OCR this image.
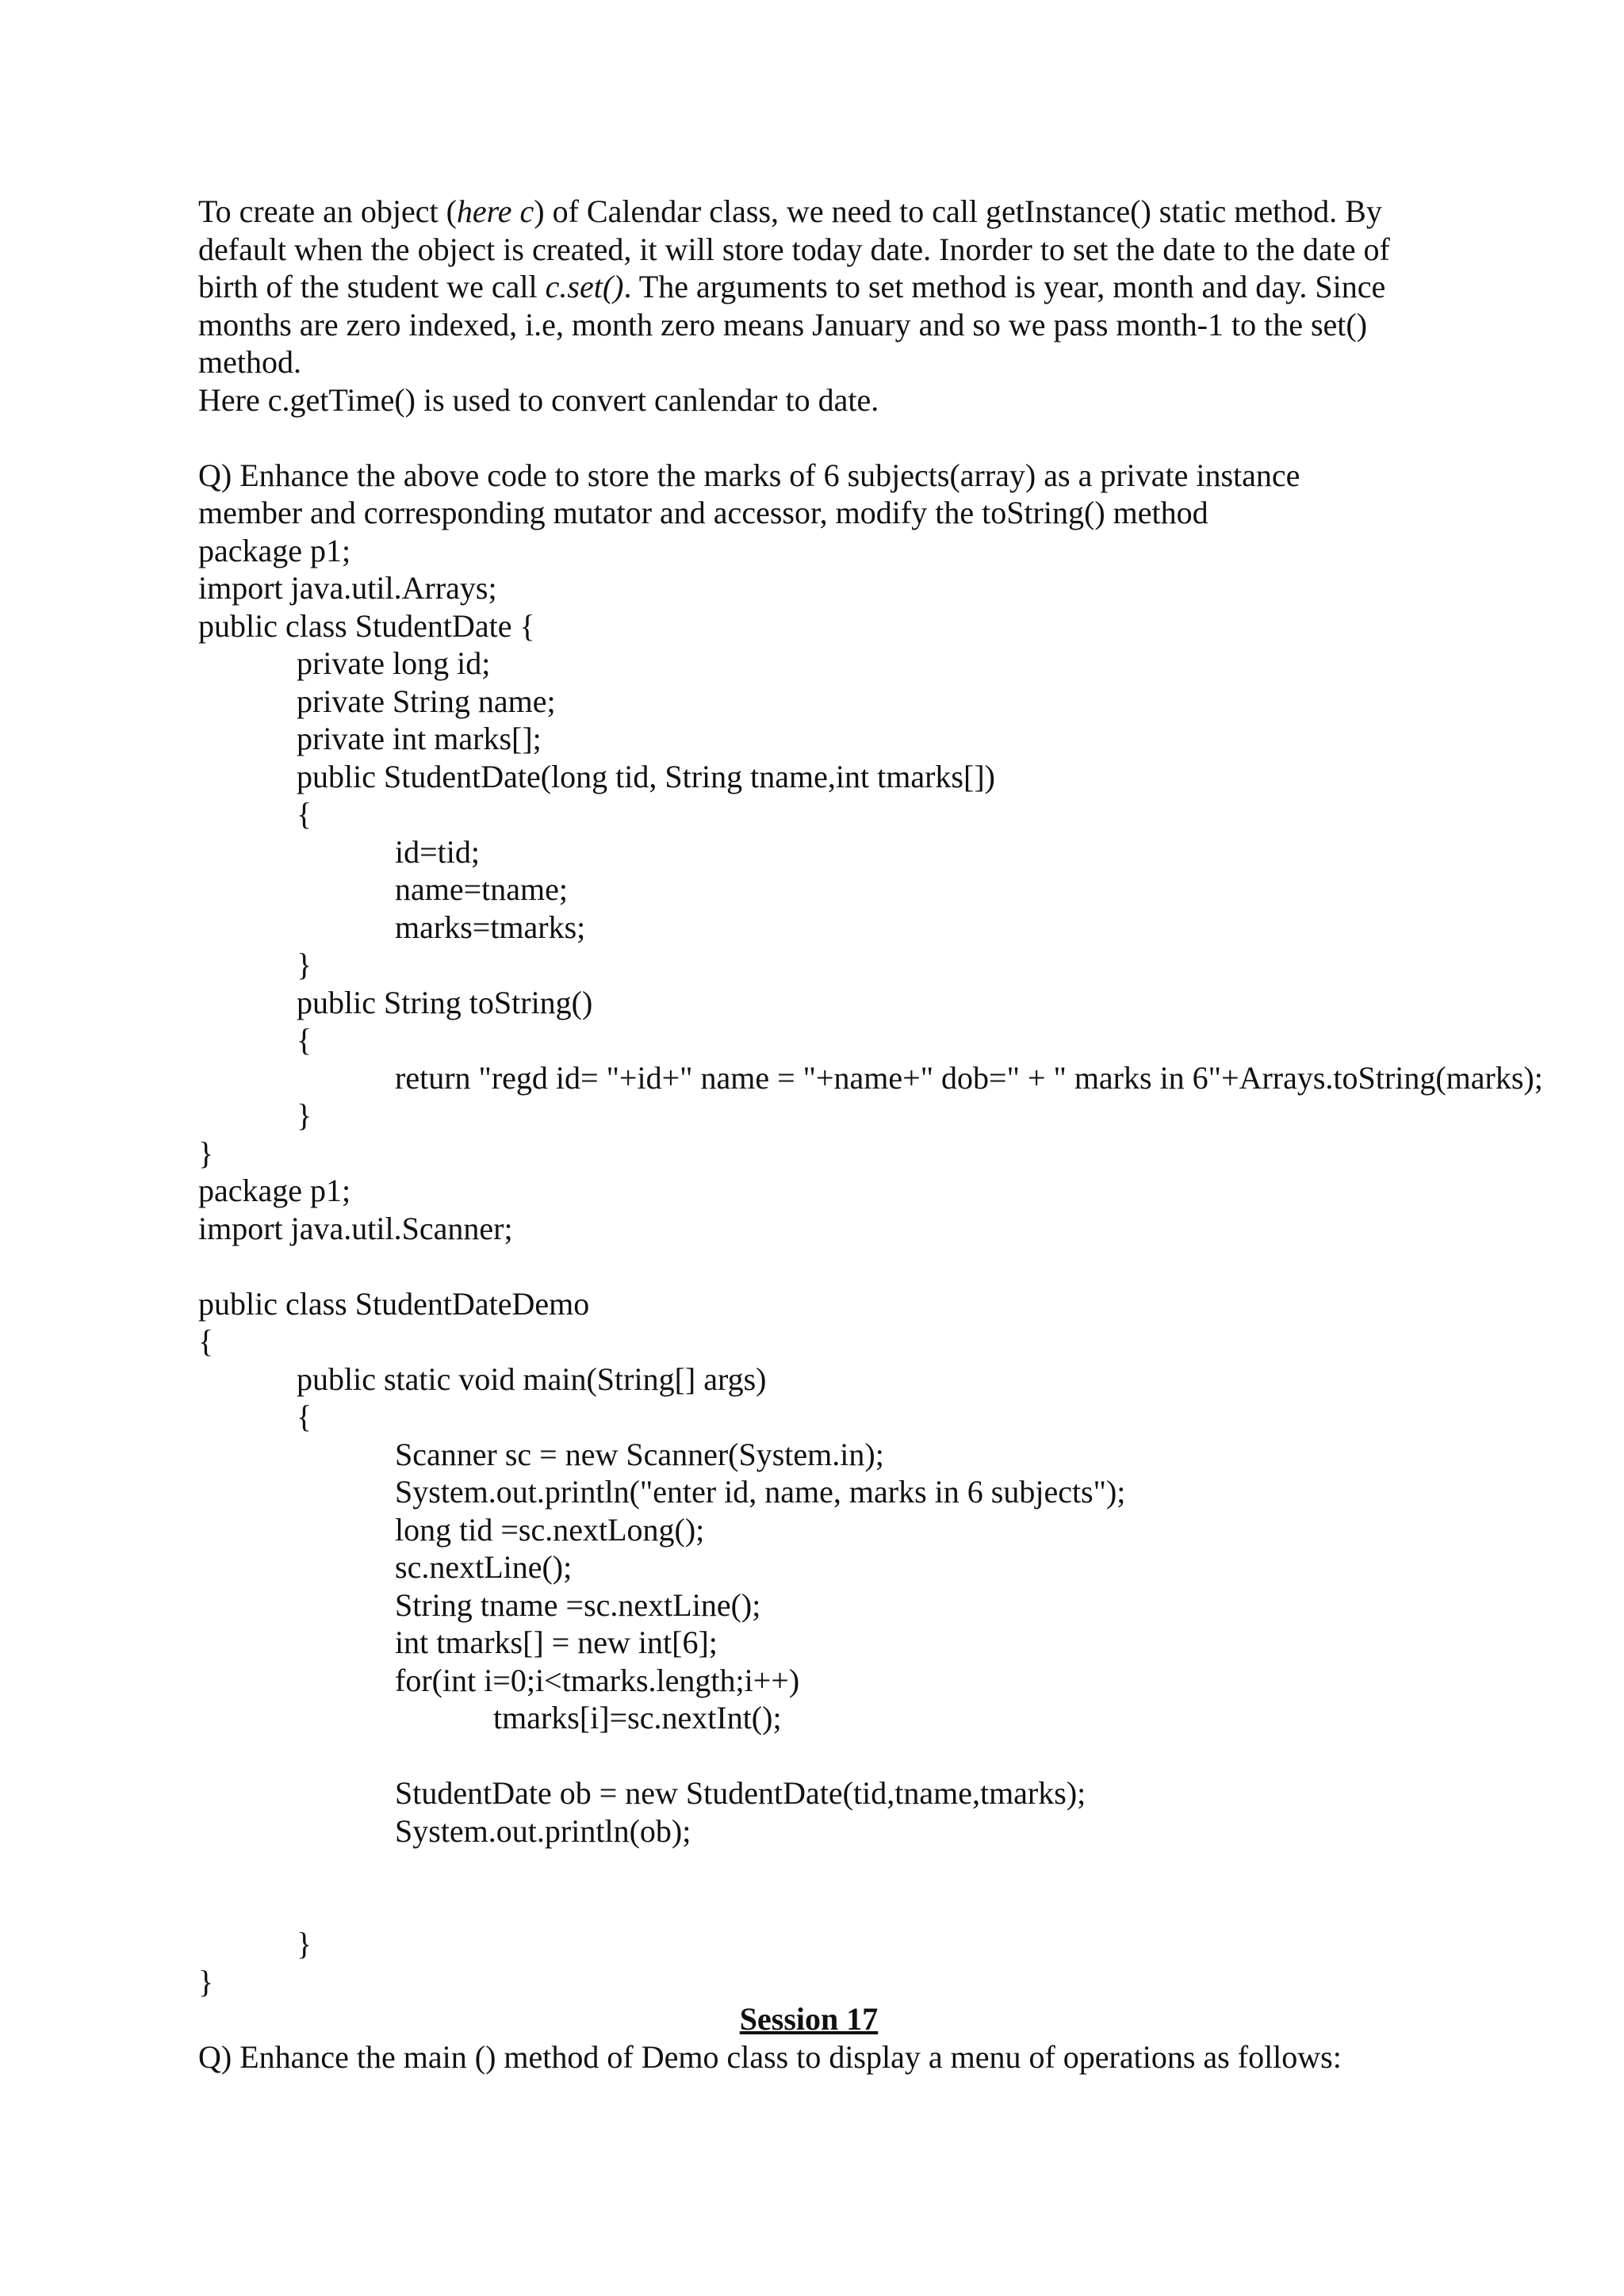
To create an object (here c) of Calendar class, we need to call getInstance() static method. By
default when the object is created, it will store today date. Inorder to set the date to the date of
birth of the student we call c.set(). The arguments to set method is year, month and day. Since
months are zero indexed, i.e, month zero means January and so we pass month-1 to the set()
method.
Here c.getTime() is used to convert canlendar to date.
Q) Enhance the above code to store the marks of 6 subjects(array) as a private instance
member and corresponding mutator and accessor, modify the toString() method
package p1;
import java.util.Arrays;
public class StudentDate {
private long id;
private String name;
private int marks[];
public StudentDate(long tid, String tname,int tmarks[])
{
id=tid;
name=tname;
marks=tmarks;
}
public String toString()
{
return "regd id= "+id+" name = "+name+" dob=" + " marks in 6"+Arrays.toString(marks);
}
}
package p1;
import java.util.Scanner;
public class StudentDateDemo
{
public static void main(String[] args)
{
Scanner sc = new Scanner(System.in);
System.out.println("enter id, name, marks in 6 subjects");
long tid =sc.nextLong();
sc.nextLine();
String tname =sc.nextLine();
int tmarks[] = new int[6];
for(int i=0;i<tmarks.length;i++)
tmarks[i]=sc.nextInt();
StudentDate ob = new StudentDate(tid,tname,tmarks);
System.out.println(ob);
}
}
Session 17
Q) Enhance the main () method of Demo class to display a menu of operations as follows:
